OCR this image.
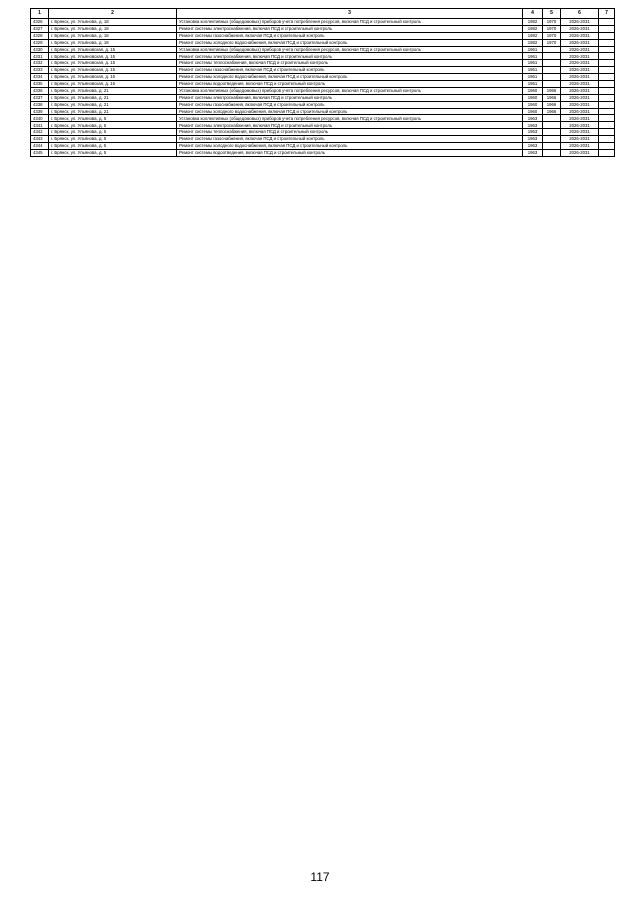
1	2	3	4	5	6	7
4326	г. Брянск, ул. Ульянова, д. 18	Установка коллективных (общедомовых) приборов учета потребления ресурсов, включая ПСД и строительный контроль	1982	1970	2026-2031	
4327	г. Брянск, ул. Ульянова, д. 18	Ремонт системы электроснабжения, включая ПСД и строительный контроль	1982	1970	2026-2031	
4328	г. Брянск, ул. Ульянова, д. 18	Ремонт системы газоснабжения, включая ПСД и строительный контроль	1982	1970	2026-2031	
4329	г. Брянск, ул. Ульянова, д. 18	Ремонт системы холодного водоснабжения, включая ПСД и строительный контроль	1982	1970	2026-2031	
4330	г. Брянск, ул. Ульяновская, д. 15	Установка коллективных (общедомовых) приборов учета потребления ресурсов, включая ПСД и строительный контроль	1961		2026-2031	
4331	г. Брянск, ул. Ульяновская, д. 15	Ремонт системы электроснабжения, включая ПСД и строительный контроль	1961		2026-2031	
4332	г. Брянск, ул. Ульяновская, д. 15	Ремонт системы теплоснабжения, включая ПСД и строительный контроль	1961		2026-2031	
4333	г. Брянск, ул. Ульяновская, д. 15	Ремонт системы газоснабжения, включая ПСД и строительный контроль	1961		2026-2031	
4334	г. Брянск, ул. Ульяновская, д. 15	Ремонт системы холодного водоснабжения, включая ПСД и строительный контроль	1961		2026-2031	
4335	г. Брянск, ул. Ульяновская, д. 15	Ремонт системы водоотведения, включая ПСД и строительный контроль	1961		2026-2031	
4336	г. Брянск, ул. Ульянова, д. 21	Установка коллективных (общедомовых) приборов учета потребления ресурсов, включая ПСД и строительный контроль	1960	1966	2026-2031	
4337	г. Брянск, ул. Ульянова, д. 21	Ремонт системы электроснабжения, включая ПСД и строительный контроль	1960	1966	2026-2031	
4338	г. Брянск, ул. Ульянова, д. 21	Ремонт системы газоснабжения, включая ПСД и строительный контроль	1960	1966	2026-2031	
4339	г. Брянск, ул. Ульянова, д. 21	Ремонт системы холодного водоснабжения, включая ПСД и строительный контроль	1960	1966	2026-2031	
4340	г. Брянск, ул. Ульянова, д. 5	Установка коллективных (общедомовых) приборов учета потребления ресурсов, включая ПСД и строительный контроль	1963		2026-2031	
4341	г. Брянск, ул. Ульянова, д. 5	Ремонт системы электроснабжения, включая ПСД и строительный контроль	1963		2026-2031	
4342	г. Брянск, ул. Ульянова, д. 5	Ремонт системы теплоснабжения, включая ПСД и строительный контроль	1963		2026-2031	
4343	г. Брянск, ул. Ульянова, д. 5	Ремонт системы газоснабжения, включая ПСД и строительный контроль	1963		2026-2031	
4344	г. Брянск, ул. Ульянова, д. 5	Ремонт системы холодного водоснабжения, включая ПСД и строительный контроль	1963		2026-2031	
4345	г. Брянск, ул. Ульянова, д. 5	Ремонт системы водоотведения, включая ПСД и строительный контроль	1963		2026-2031	
117
